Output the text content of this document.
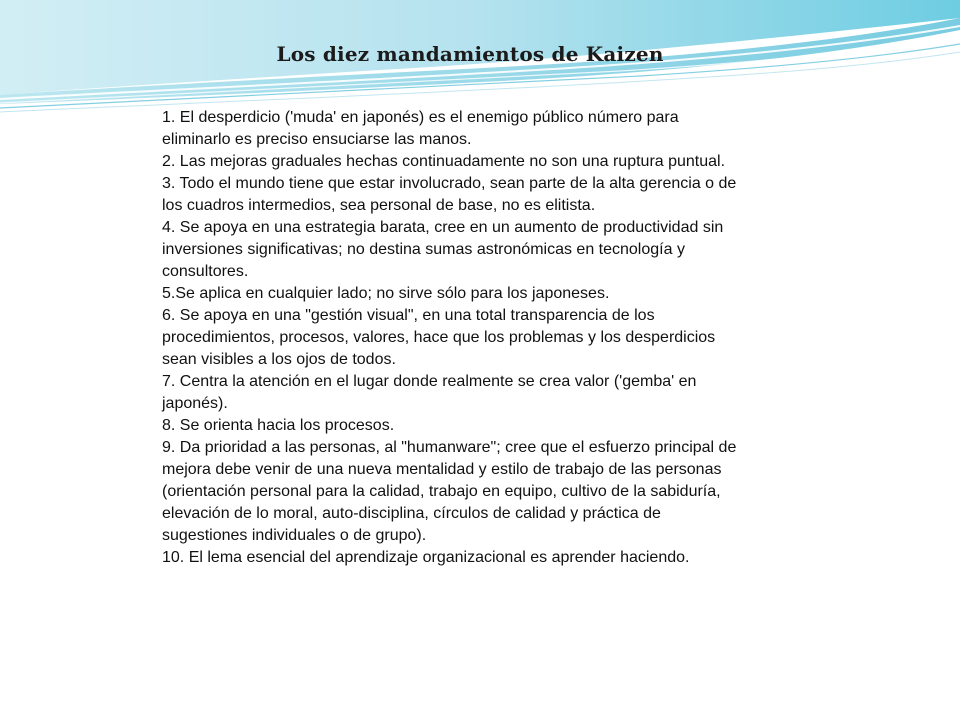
Los diez mandamientos de Kaizen

1. El desperdicio ('muda' en japonés) es el enemigo público número para eliminarlo es preciso ensuciarse las manos.

2. Las mejoras graduales hechas continuadamente no son una ruptura puntual.

3. Todo el mundo tiene que estar involucrado, sean parte de la alta gerencia o de los cuadros intermedios, sea personal de base, no es elitista.

4. Se apoya en una estrategia barata, cree en un aumento de productividad sin inversiones significativas; no destina sumas astronómicas en tecnología y consultores.

5.Se aplica en cualquier lado; no sirve sólo para los japoneses.

6. Se apoya en una "gestión visual", en una total transparencia de los procedimientos, procesos, valores, hace que los problemas y los desperdicios sean visibles a los ojos de todos.

7. Centra la atención en el lugar donde realmente se crea valor ('gemba' en japonés).

8. Se orienta hacia los procesos.

9. Da prioridad a las personas, al "humanware"; cree que el esfuerzo principal de mejora debe venir de una nueva mentalidad y estilo de trabajo de las personas (orientación personal para la calidad, trabajo en equipo, cultivo de la sabiduría, elevación de lo moral, auto-disciplina, círculos de calidad y práctica de sugestiones individuales o de grupo).

10. El lema esencial del aprendizaje organizacional es aprender haciendo.
